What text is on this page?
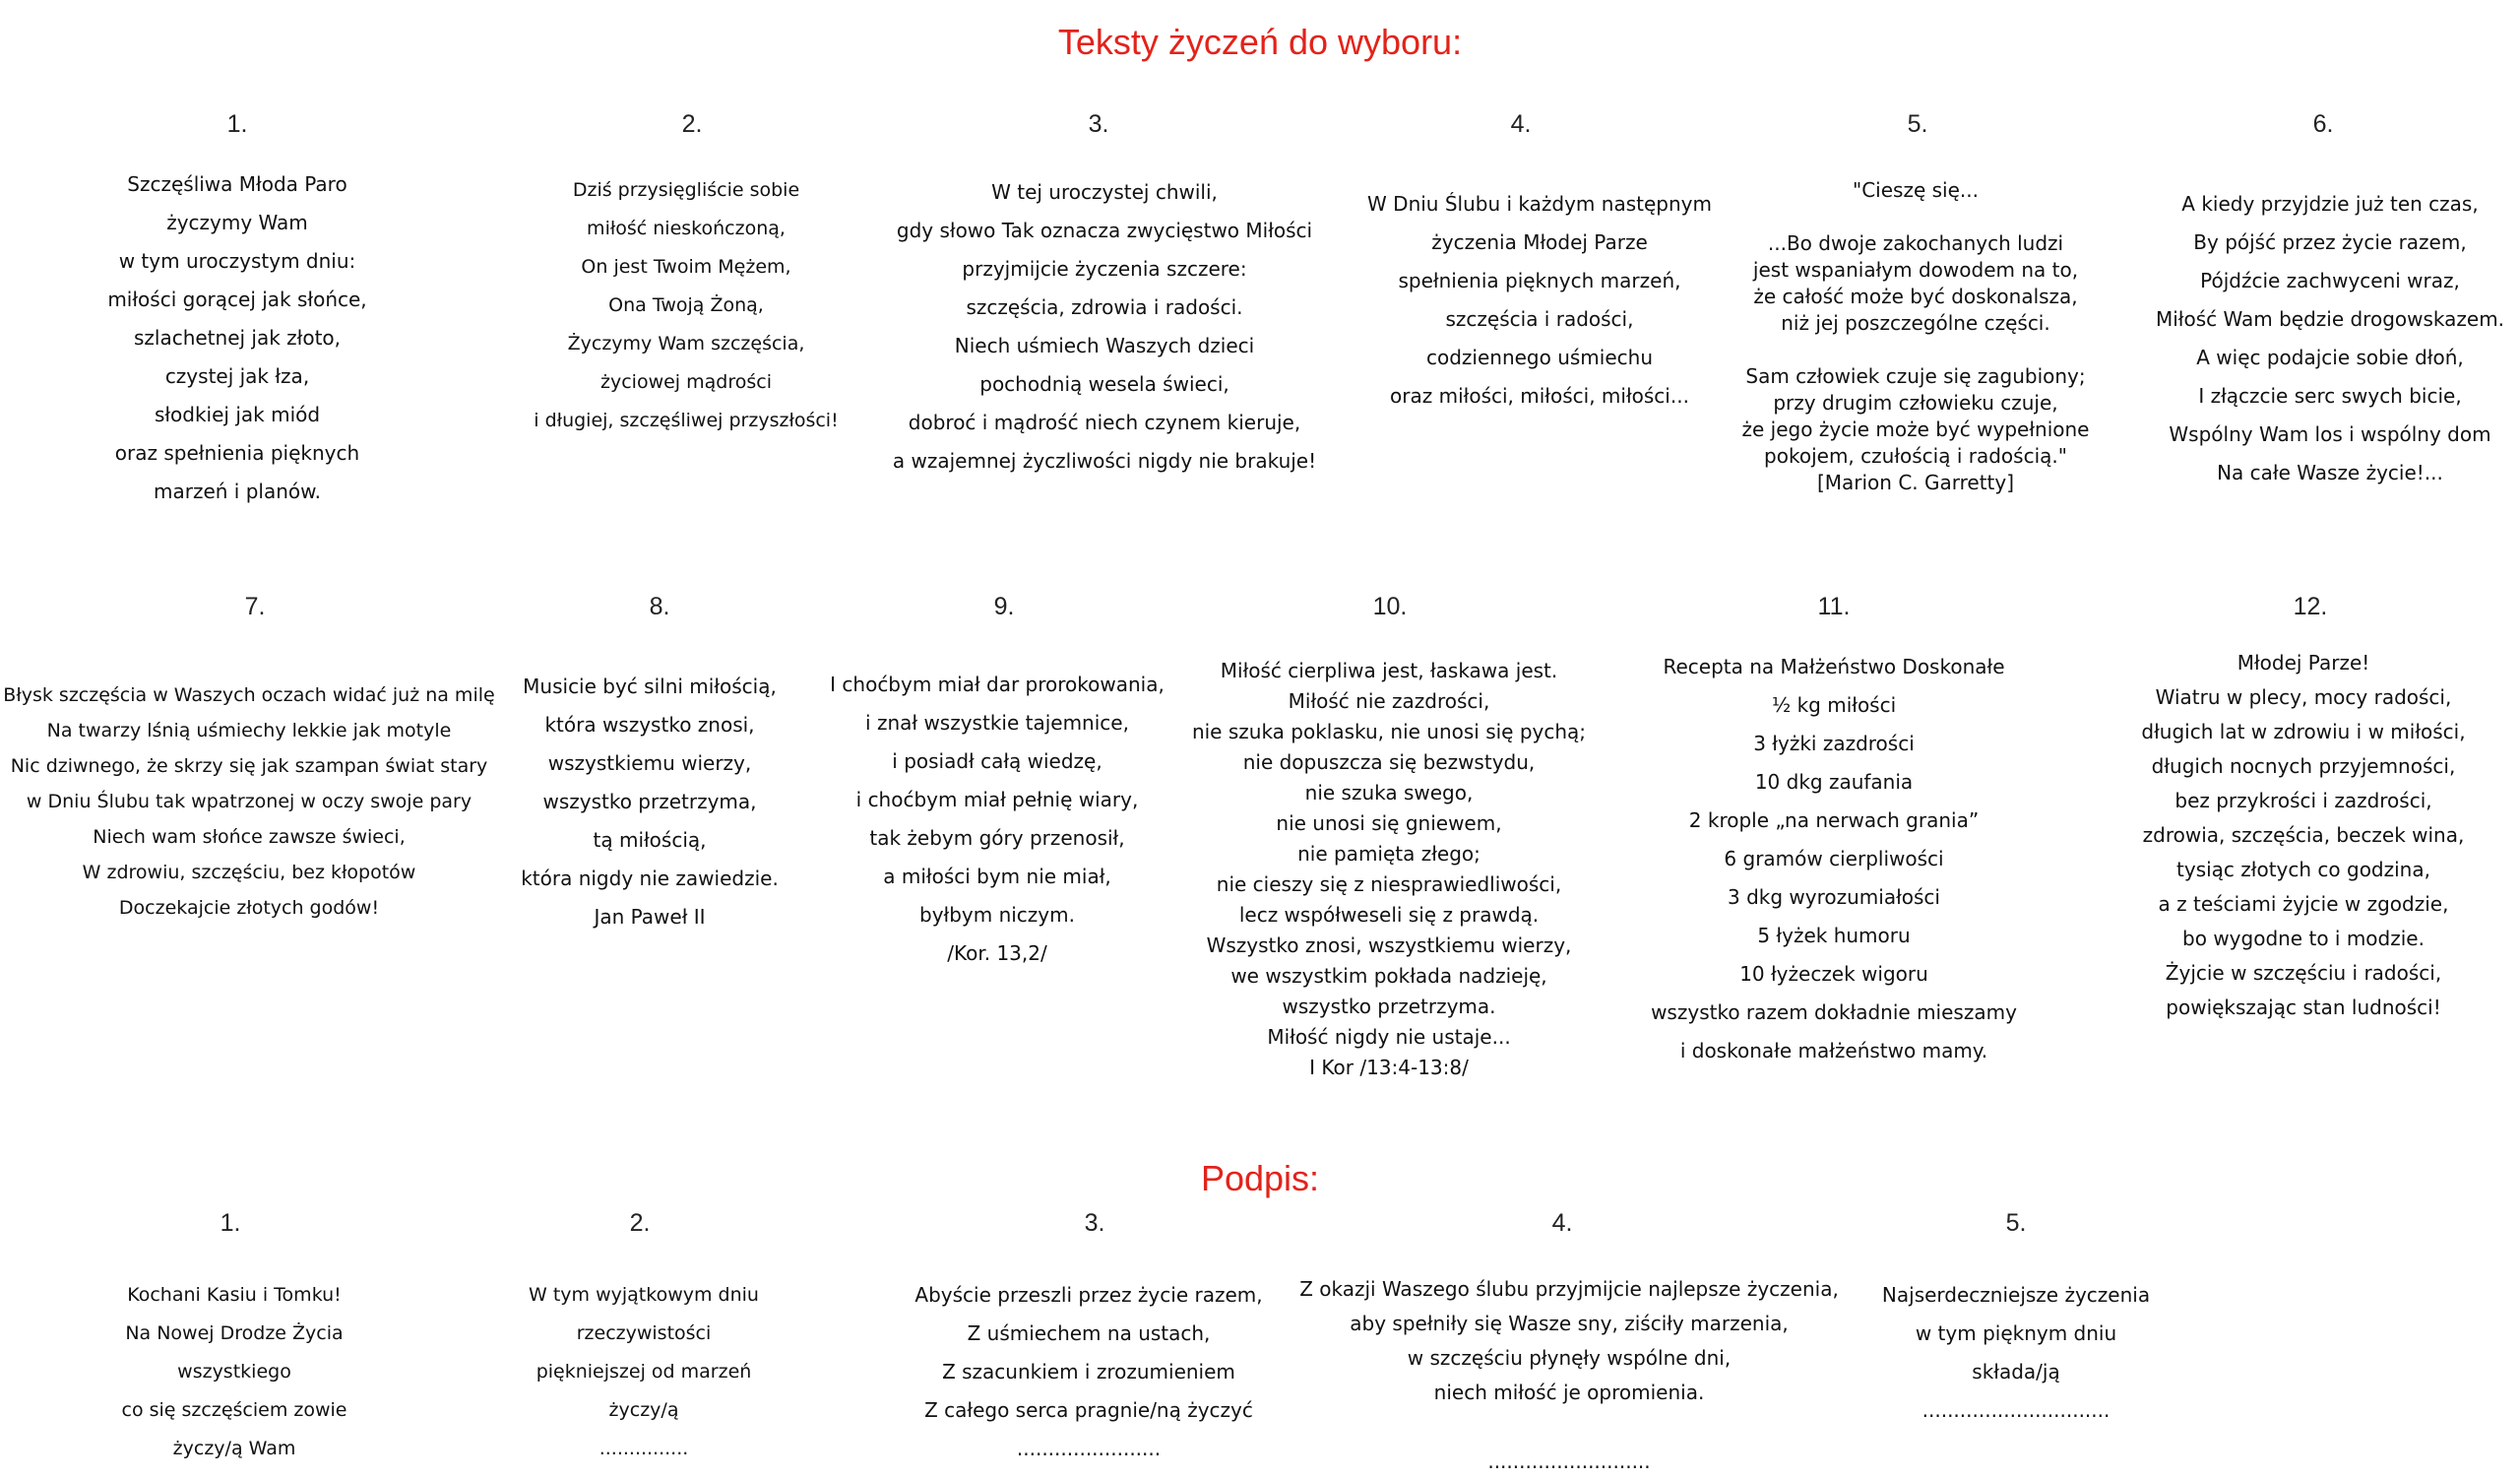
Teksty życzeń do wyboru:
1.	2.	3.	4.	5.	6.
Szczęśliwa Młoda Paro
życzymy Wam
w tym uroczystym dniu:
miłości gorącej jak słońce,
szlachetnej jak złoto,
czystej jak łza,
słodkiej jak miód
oraz spełnienia pięknych
marzeń i planów.
Dziś przysięgliście sobie
miłość nieskończoną,
On jest Twoim Mężem,
Ona Twoją Żoną,
Życzymy Wam szczęścia,
życiowej mądrości
i długiej, szczęśliwej przyszłości!
W tej uroczystej chwili,
gdy słowo Tak oznacza zwycięstwo Miłości
przyjmijcie życzenia szczere:
szczęścia, zdrowia i radości.
Niech uśmiech Waszych dzieci
pochodnią wesela świeci,
dobroć i mądrość niech czynem kieruje,
a wzajemnej życzliwości nigdy nie brakuje!
W Dniu Ślubu i każdym następnym
życzenia Młodej Parze
spełnienia pięknych marzeń,
szczęścia i radości,
codziennego uśmiechu
oraz miłości, miłości, miłości...
"Cieszę się...
...Bo dwoje zakochanych ludzi
jest wspaniałym dowodem na to,
że całość może być doskonalsza,
niż jej poszczególne części.
Sam człowiek czuje się zagubiony;
przy drugim człowieku czuje,
że jego życie może być wypełnione
pokojem, czułością i radością."
[Marion C. Garretty]
A kiedy przyjdzie już ten czas,
By pójść przez życie razem,
Pójdźcie zachwyceni wraz,
Miłość Wam będzie drogowskazem.
A więc podajcie sobie dłoń,
I złączcie serc swych bicie,
Wspólny Wam los i wspólny dom
Na całe Wasze życie!...
7.	8.	9.	10.	11.	12.
Błysk szczęścia w Waszych oczach widać już na milę
Na twarzy lśnią uśmiechy lekkie jak motyle
Nic dziwnego, że skrzy się jak szampan świat stary
w Dniu Ślubu tak wpatrzonej w oczy swoje pary
Niech wam słońce zawsze świeci,
W zdrowiu, szczęściu, bez kłopotów
Doczekajcie złotych godów!
Musicie być silni miłością,
która wszystko znosi,
wszystkiemu wierzy,
wszystko przetrzyma,
tą miłością,
która nigdy nie zawiedzie.
Jan Paweł II
I choćbym miał dar prorokowania,
i znał wszystkie tajemnice,
i posiadł całą wiedzę,
i choćbym miał pełnię wiary,
tak żebym góry przenosił,
a miłości bym nie miał,
byłbym niczym.
/Kor. 13,2/
Miłość cierpliwa jest, łaskawa jest.
Miłość nie zazdrości,
nie szuka poklasku, nie unosi się pychą;
nie dopuszcza się bezwstydu,
nie szuka swego,
nie unosi się gniewem,
nie pamięta złego;
nie cieszy się z niesprawiedliwości,
lecz współweseli się z prawdą.
Wszystko znosi, wszystkiemu wierzy,
we wszystkim pokłada nadzieję,
wszystko przetrzyma.
Miłość nigdy nie ustaje...
I Kor /13:4-13:8/
Recepta na Małżeństwo Doskonałe
½ kg miłości
3 łyżki zazdrości
10 dkg zaufania
2 krople „na nerwach grania”
6 gramów cierpliwości
3 dkg wyrozumiałości
5 łyżek humoru
10 łyżeczek wigoru
wszystko razem dokładnie mieszamy
i doskonałe małżeństwo mamy.
Młodej Parze!
Wiatru w plecy, mocy radości,
długich lat w zdrowiu i w miłości,
długich nocnych przyjemności,
bez przykrości i zazdrości,
zdrowia, szczęścia, beczek wina,
tysiąc złotych co godzina,
a z teściami żyjcie w zgodzie,
bo wygodne to i modzie.
Żyjcie w szczęściu i radości,
powiększając stan ludności!
Podpis:
1.	2.	3.	4.	5.
Kochani Kasiu i Tomku!
Na Nowej Drodze Życia
wszystkiego
co się szczęściem zowie
życzy/ą Wam
W tym wyjątkowym dniu
rzeczywistości
piękniejszej od marzeń
życzy/ą
...............
Abyście przeszli przez życie razem,
Z uśmiechem na ustach,
Z szacunkiem i zrozumieniem
Z całego serca pragnie/ną życzyć
.......................
Z okazji Waszego ślubu przyjmijcie najlepsze życzenia,
aby spełniły się Wasze sny, ziściły marzenia,
w szczęściu płynęły wspólne dni,
niech miłość je opromienia.
..........................
Najserdeczniejsze życzenia
w tym pięknym dniu
składa/ją
..............................
